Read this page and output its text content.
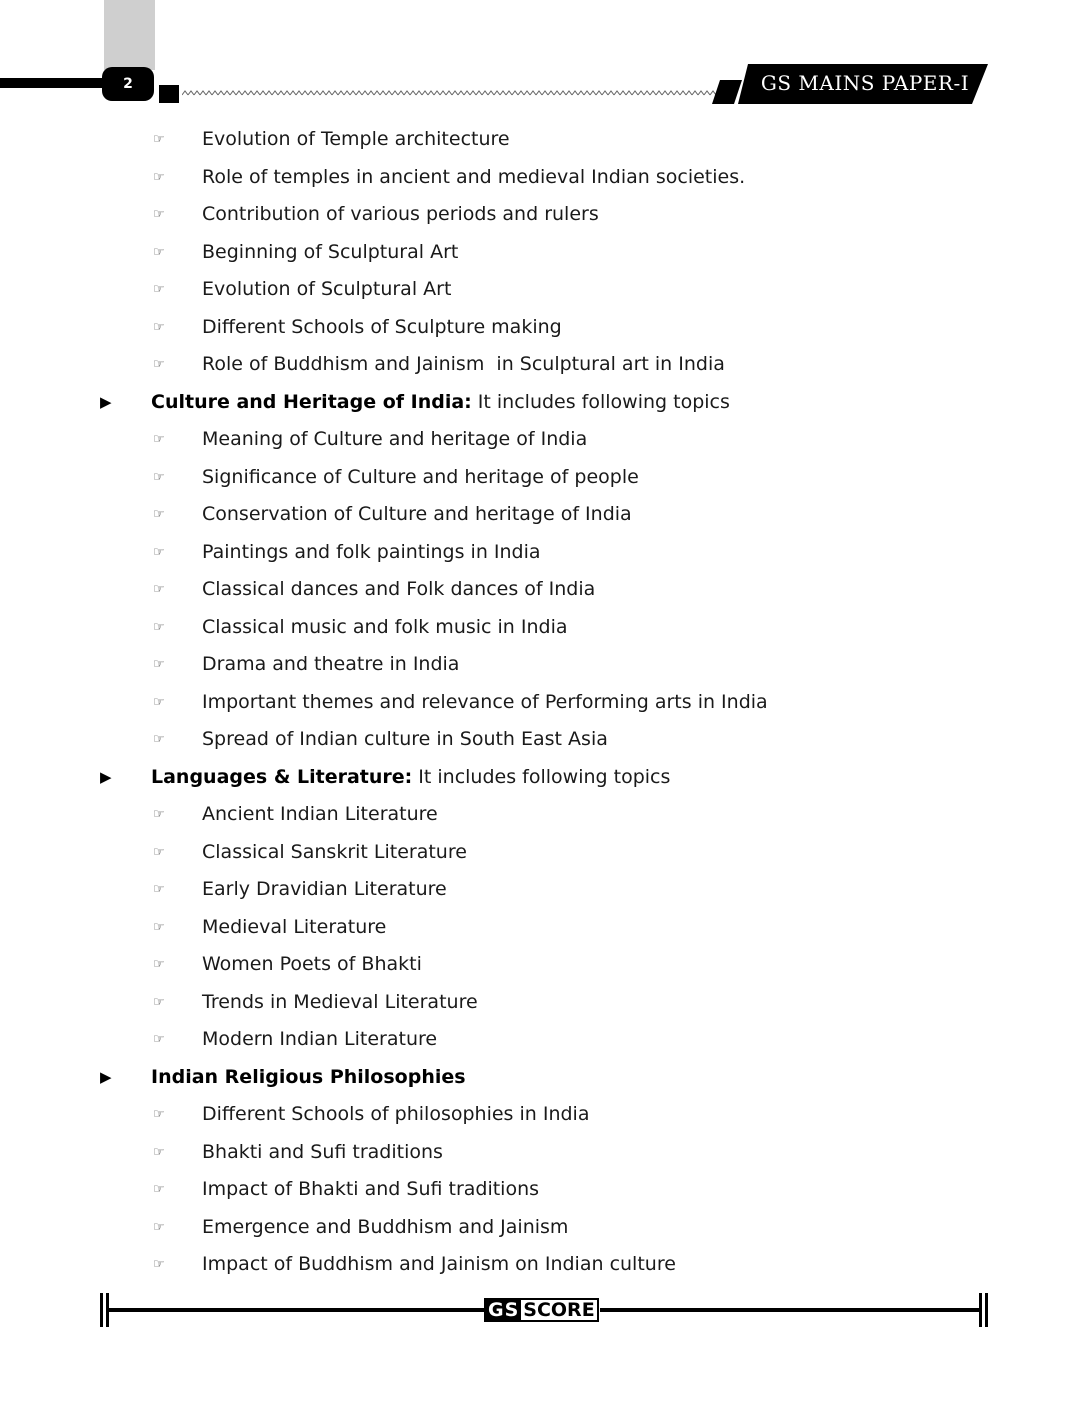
2	GS MAINS PAPER-I
☞ Evolution of Temple architecture
☞ Role of temples in ancient and medieval Indian societies.
☞ Contribution of various periods and rulers
☞ Beginning of Sculptural Art
☞ Evolution of Sculptural Art
☞ Different Schools of Sculpture making
☞ Role of Buddhism and Jainism  in Sculptural art in India
▶ Culture and Heritage of India: It includes following topics
☞ Meaning of Culture and heritage of India
☞ Significance of Culture and heritage of people
☞ Conservation of Culture and heritage of India
☞ Paintings and folk paintings in India
☞ Classical dances and Folk dances of India
☞ Classical music and folk music in India
☞ Drama and theatre in India
☞ Important themes and relevance of Performing arts in India
☞ Spread of Indian culture in South East Asia
▶ Languages & Literature: It includes following topics
☞ Ancient Indian Literature
☞ Classical Sanskrit Literature
☞ Early Dravidian Literature
☞ Medieval Literature
☞ Women Poets of Bhakti
☞ Trends in Medieval Literature
☞ Modern Indian Literature
▶ Indian Religious Philosophies
☞ Different Schools of philosophies in India
☞ Bhakti and Sufi traditions
☞ Impact of Bhakti and Sufi traditions
☞ Emergence and Buddhism and Jainism
☞ Impact of Buddhism and Jainism on Indian culture
GS SCORE
